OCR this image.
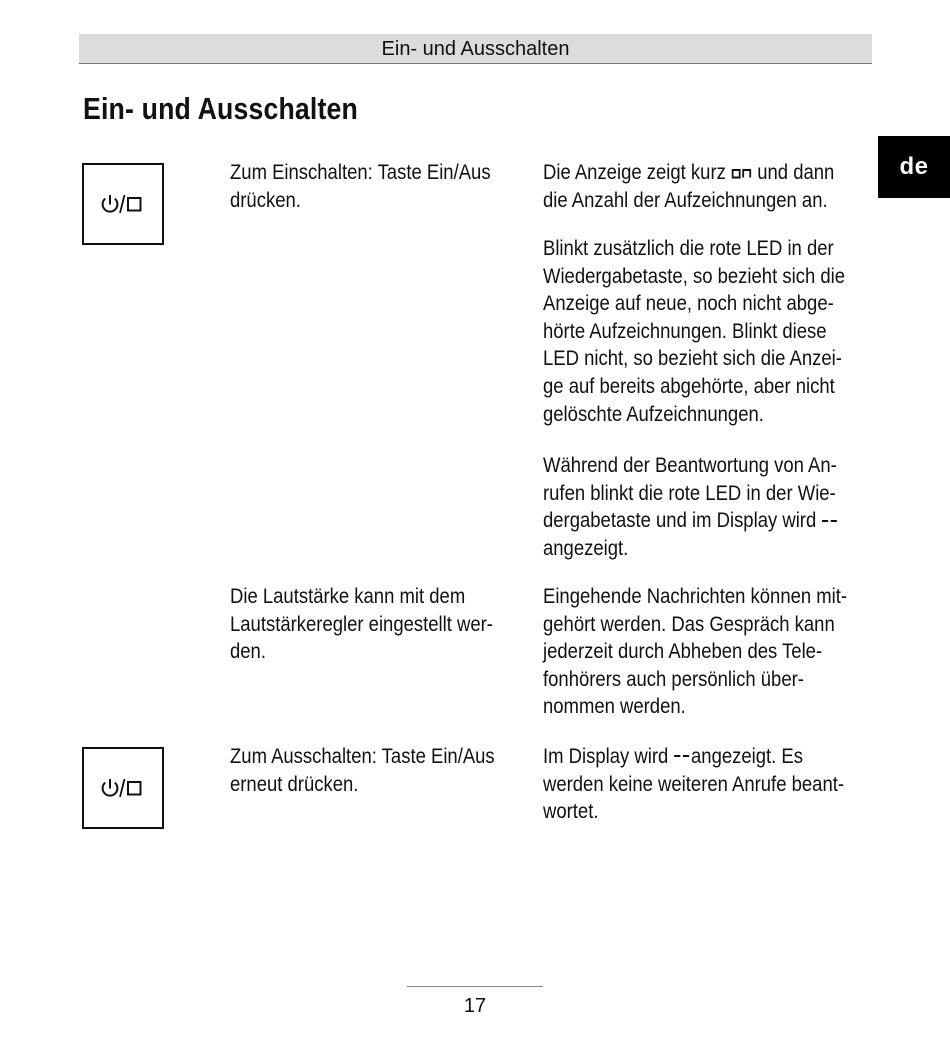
Ein- und Ausschalten
Ein- und Ausschalten
de
Zum Einschalten: Taste Ein/Aus
drücken.
Die Anzeige zeigt kurz  und dann
die Anzahl der Aufzeichnungen an.
Blinkt zusätzlich die rote LED in der
Wiedergabetaste, so bezieht sich die
Anzeige auf neue, noch nicht abge-
hörte Aufzeichnungen. Blinkt diese
LED nicht, so bezieht sich die Anzei-
ge auf bereits abgehörte, aber nicht
gelöschte Aufzeichnungen.
Während der Beantwortung von An-
rufen blinkt die rote LED in der Wie-
dergabetaste und im Display wird
angezeigt.
Die Lautstärke kann mit dem
Lautstärkeregler eingestellt wer-
den.
Eingehende Nachrichten können mit-
gehört werden. Das Gespräch kann
jederzeit durch Abheben des Tele-
fonhörers auch persönlich über-
nommen werden.
Zum Ausschalten: Taste Ein/Aus
erneut drücken.
Im Display wird angezeigt. Es
werden keine weiteren Anrufe beant-
wortet.
17
